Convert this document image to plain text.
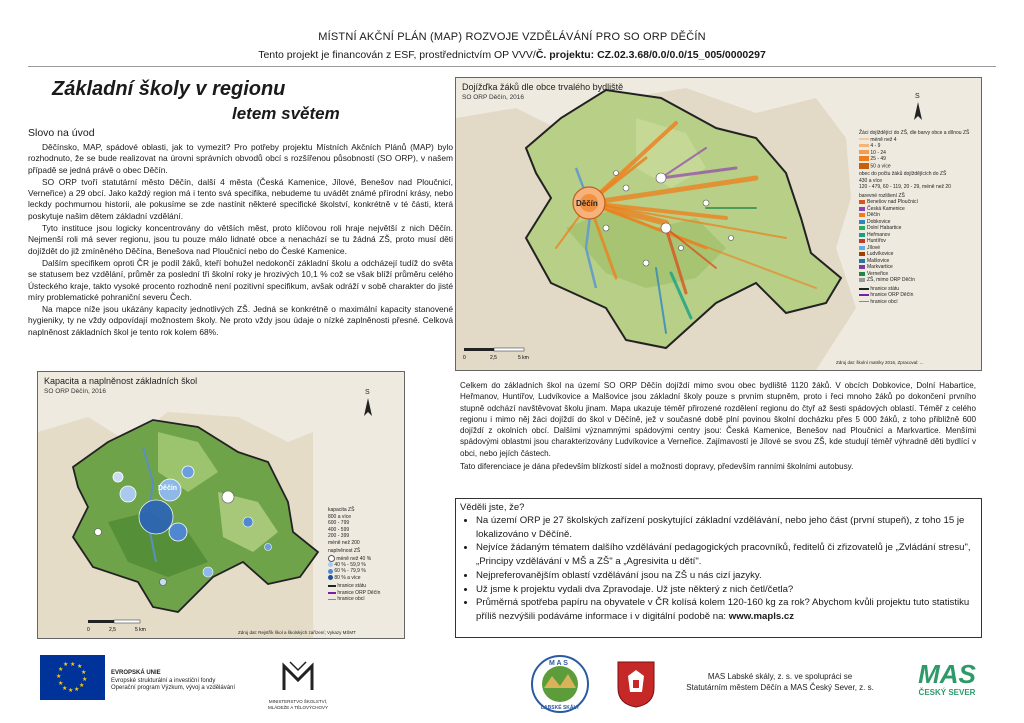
MÍSTNÍ AKČNÍ PLÁN (MAP) ROZVOJE VZDĚLÁVÁNÍ PRO SO ORP DĚČÍN
Tento projekt je financován z ESF, prostřednictvím OP VVV/Č. projektu: CZ.02.3.68/0.0/0.0/15_005/0000297
Základní školy v regionu
letem světem
Slovo na úvod

Děčínsko, MAP, spádové oblasti, jak to vymezit? Pro potřeby projektu Místních Akčních Plánů (MAP) bylo rozhodnuto, že se bude realizovat na úrovni správních obvodů obcí s rozšířenou působností (SO ORP), v našem případě se jedná právě o obec Děčín.

SO ORP tvoří statutární město Děčín, další 4 města (Česká Kamenice, Jílové, Benešov nad Ploučnicí, Verneřice) a 29 obcí. Jako každý region má i tento svá specifika, nebudeme tu uvádět známé přírodní krásy, nebo leckdy pochmurnou historii, ale pokusíme se zde nastínit některé specifické školství, konkrétně v té části, která poskytuje našim dětem základní vzdělání.

Tyto instituce jsou logicky koncentrovány do větších měst, proto klíčovou roli hraje největší z nich Děčín. Nejmenší roli má sever regionu, jsou tu pouze málo lidnaté obce a nenachází se tu žádná ZŠ, proto musí děti dojíždět do již zmíněného Děčína, Benešova nad Ploučnicí nebo do České Kamenice.

Dalším specifikem oproti ČR je podíl žáků, kteří bohužel nedokončí základní školu a odcházejí tudíž do světa se statusem bez vzdělání, průměr za poslední tři školní roky je hrozivých 10,1 % což se však blíží průměru celého Ústeckého kraje, takto vysoké procento rozhodně není pozitivní specifikum, avšak odráží v sobě charakter do jisté míry problematické pohraniční severu Čech.

Na mapce níže jsou ukázány kapacity jednotlivých ZŠ. Jedná se konkrétně o maximální kapacity stanovené hygieniky, ty ne vždy odpovídají možnostem školy. Ne proto vždy jsou údaje o nízké zaplněnosti přesné. Celková naplněnost základních škol je tento rok kolem 68%.

Děčín
S
0	2,5	5 km
Dojížďka žáků dle obce trvalého bydliště
SO ORP Děčín, 2016
Žáci dojíždějící do ZŠ, dle barvy obce a dílnou ZŠ
méně než 4
4 - 9
10 - 24
25 - 49
50 a více
obec do počtu žáků dojíždějících do ZŠ
430 a více
120 - 479, 60 - 119, 20 - 29, méně než 20
barevné rozlišení ZŠ
Benešov nad Ploučnicí
Česká Kamenice
Děčín
Dobkovice
Dolní Habartice
Heřmanov
Huntířov
Jílové
Ludvíkovice
Malšovice
Markvartice
Verneřice
ZŠ, mimo ORP Děčín
hranice státu
hranice ORP Děčín
hranice obcí
Zdroj dat: školní matriky 2016, Zpracoval: ...
Děčín
S
0	2,5	5 km
Kapacita a naplněnost základních škol
SO ORP Děčín, 2016
kapacita ZŠ
800 a více
600 - 799
400 - 599
200 - 399
méně než 200
naplněnost ZŠ
méně než 40 %
40 % - 59,9 %
60 % - 79,9 %
80 % a více
hranice státu
hranice ORP Děčín
hranice obcí
Zdroj dat: Rejstřík škol a školských zařízení; Vykazy MŠMT

Celkem do základních škol na území SO ORP Děčín dojíždí mimo svou obec bydliště 1120 žáků. V obcích Dobkovice, Dolní Habartice, Heřmanov, Huntířov, Ludvíkovice a Malšovice jsou základní školy pouze s prvním stupněm, proto i řeci mnoho žáků po dokončení prvního stupně odchází navštěvovat školu jinam. Mapa ukazuje téměř přirozené rozdělení regionu do čtyř až šesti spádových oblastí. Téměř z celého regionu i mimo něj žáci dojíždí do škol v Děčíně, jež v současné době plní povinou školní docházku přes 5 000 žáků, z toho přibližně 600 dojíždí z okolních obcí. Dalšími významnými spádovými centry jsou: Česká Kamenice, Benešov nad Ploučnicí a Markvartice. Menšími spádovými oblastmi jsou charakterizovány Ludvíkovice a Verneřice. Zajímavostí je Jílové se svou ZŠ, kde studují téměř výhradně děti bydlící v obci, nebo jejích částech.

Tato diferenciace je dána především blízkostí sídel a možnosti dopravy, především ranními školními autobusy.

Věděli jste, že?
• Na území ORP je 27 školských zařízení poskytující základní vzdělávání, nebo jeho část (první stupeň), z toho 15 je lokalizováno v Děčíně.
• Nejvíce žádaným tématem dalšího vzdělávání pedagogických pracovníků, ředitelů či zřizovatelů je „Zvládání stresu", „Principy vzdělávání v MŠ a ZŠ" a „Agresivita u dětí".
• Nejpreferovanějším oblastí vzdělávání jsou na ZŠ u nás cizí jazyky.
• Už jsme k projektu vydali dva Zpravodaje. Už jste některý z nich četl/četla?
• Průměrná spotřeba papíru na obyvatele v ČR kolísá kolem 120-160 kg za rok? Abychom kvůli projektu tuto statistiku příliš nezvýšili podáváme informace i v digitální podobě na: www.mapls.cz
★ ★
★
★
★
★
★
★
★
★
★
★
EVROPSKÁ UNIE
Evropské strukturální a investiční fondy
Operační program Výzkum, vývoj a vzdělávání
MINISTERSTVO ŠKOLSTVÍ,
MLÁDEŽE A TĚLOVÝCHOVY
M A S
LABSKÉ SKÁLY
MAS Labské skály, z. s. ve spolupráci se
Statutárním městem Děčín a MAS Český Sever, z. s.	MAS
ČESKÝ SEVER
